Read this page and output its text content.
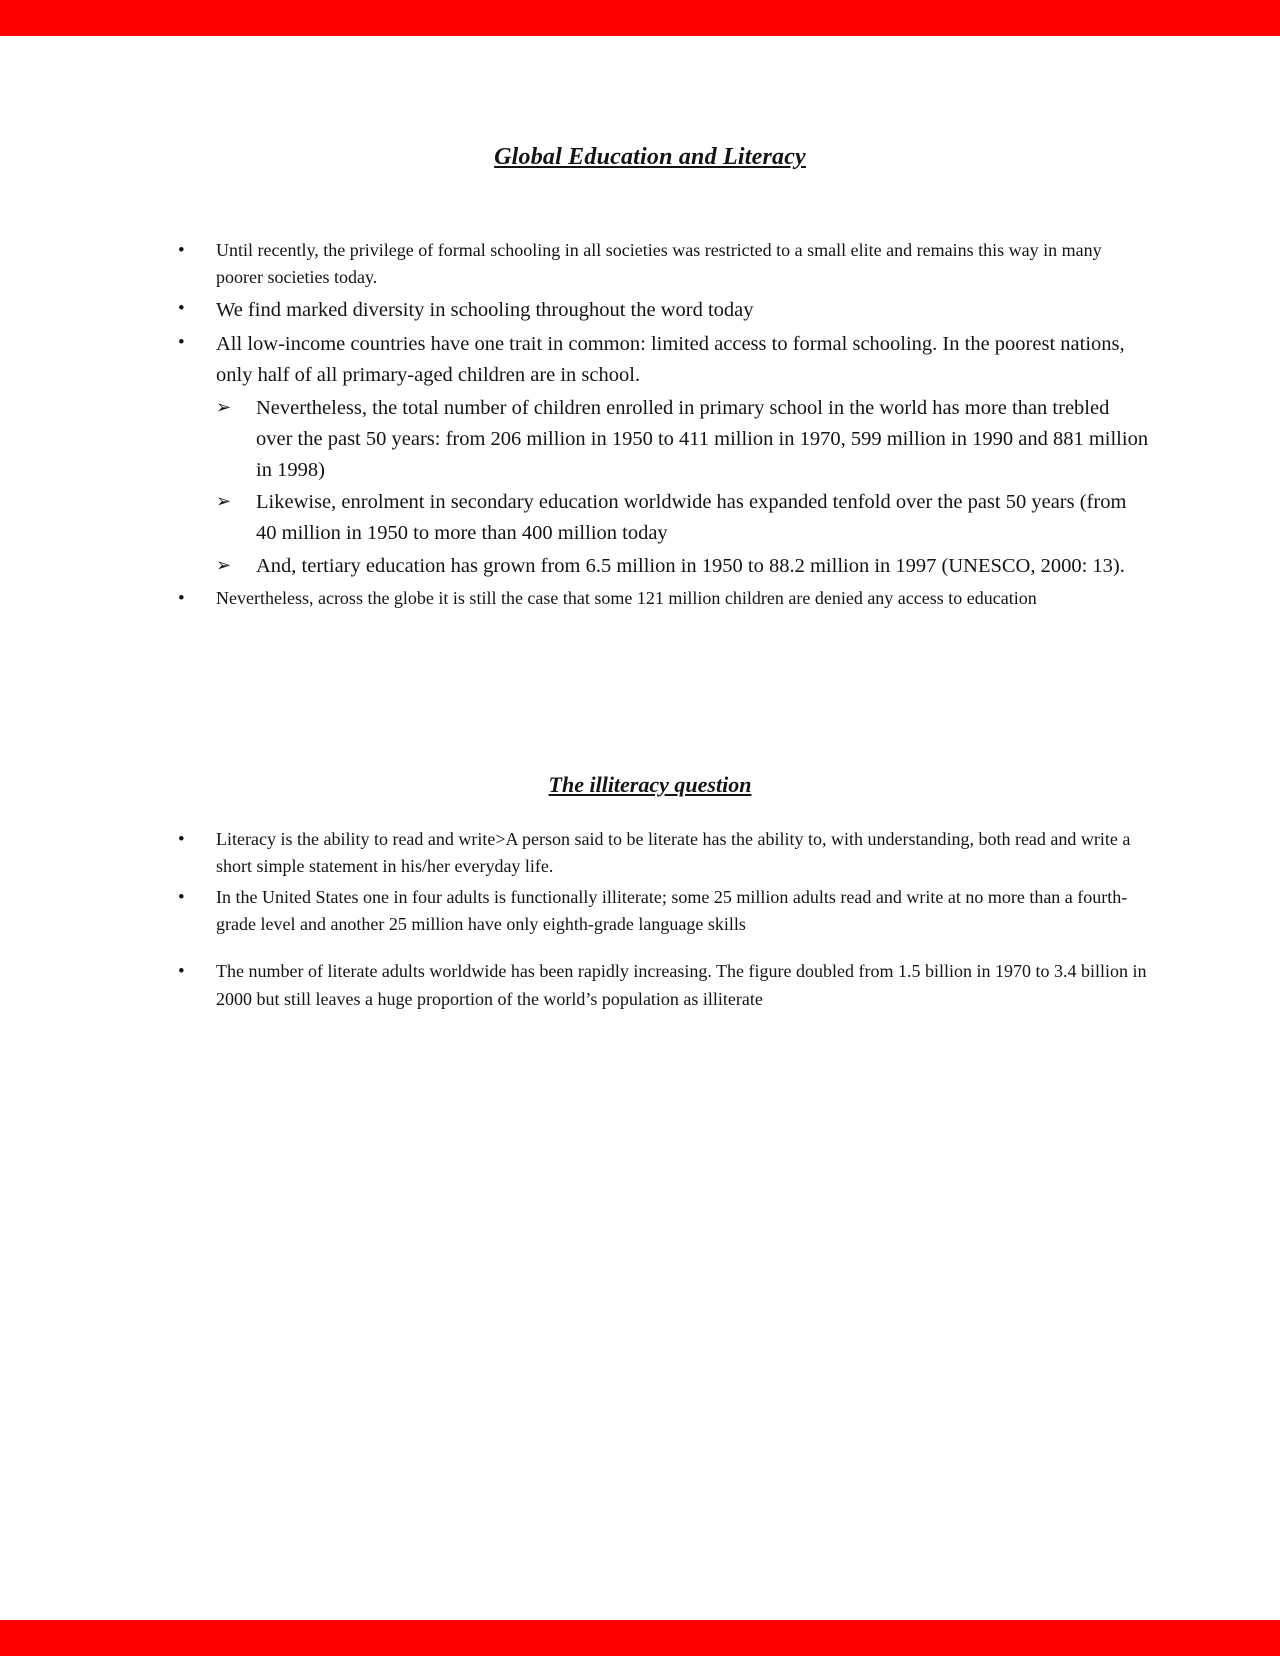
Global Education and Literacy
• Until recently, the privilege of formal schooling in all societies was restricted to a small elite and remains this way in many poorer societies today.
• We find marked diversity in schooling throughout the word today
• All low-income countries have one trait in common: limited access to formal schooling. In the poorest nations, only half of all primary-aged children are in school.
➢ Nevertheless, the total number of children enrolled in primary school in the world has more than trebled over the past 50 years: from 206 million in 1950 to 411 million in 1970, 599 million in 1990 and 881 million in 1998)
➢ Likewise, enrolment in secondary education worldwide has expanded tenfold over the past 50 years (from 40 million in 1950 to more than 400 million today
➢ And, tertiary education has grown from 6.5 million in 1950 to 88.2 million in 1997 (UNESCO, 2000: 13).
• Nevertheless, across the globe it is still the case that some 121 million children are denied any access to education
The illiteracy question
• Literacy is the ability to read and write>A person said to be literate has the ability to, with understanding, both read and write a short simple statement in his/her everyday life.
• In the United States one in four adults is functionally illiterate; some 25 million adults read and write at no more than a fourth-grade level and another 25 million have only eighth-grade language skills
• The number of literate adults worldwide has been rapidly increasing. The figure doubled from 1.5 billion in 1970 to 3.4 billion in 2000 but still leaves a huge proportion of the world’s population as illiterate
